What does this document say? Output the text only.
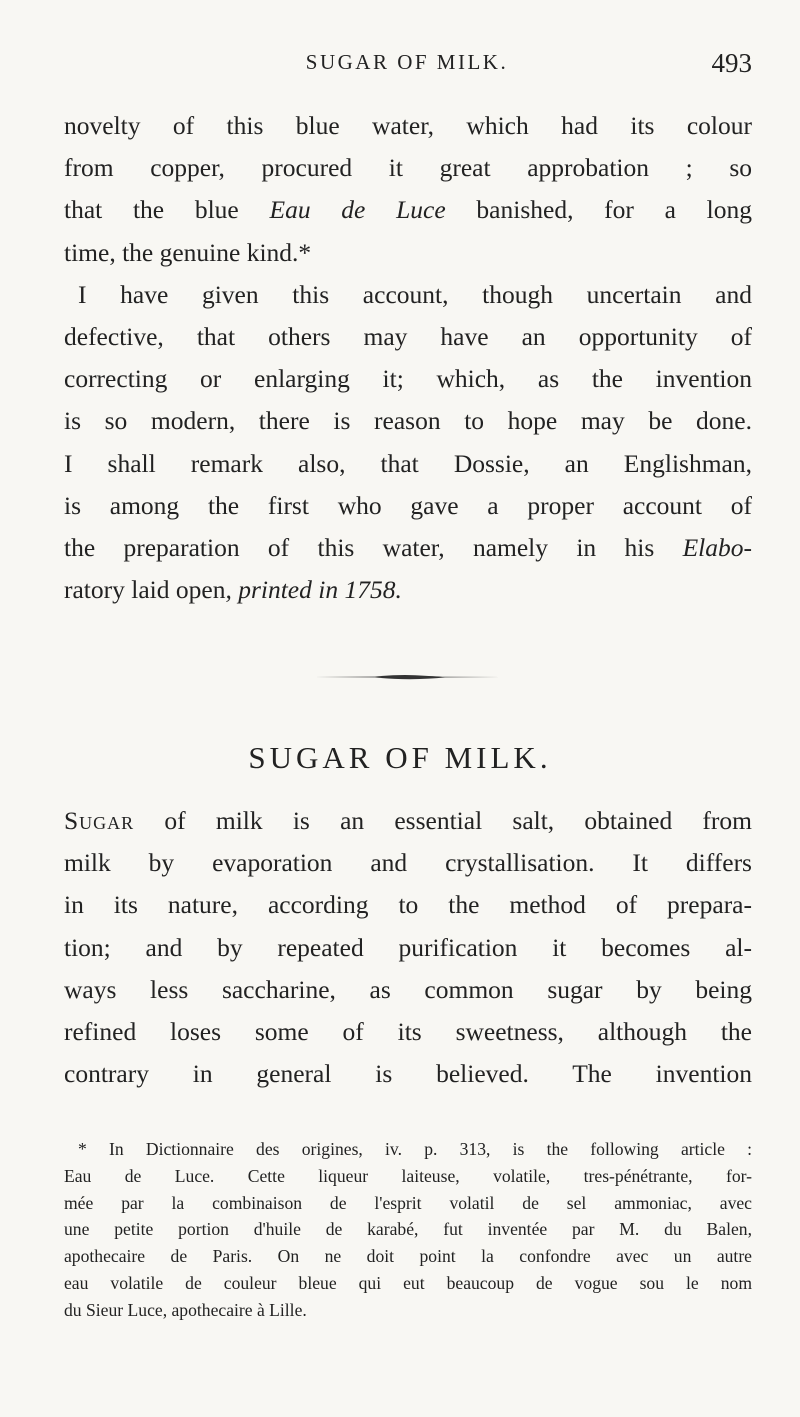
SUGAR OF MILK.	493
novelty of this blue water, which had its colour
from copper, procured it great approbation ; so
that the blue Eau de Luce banished, for a long
time, the genuine kind.*
I have given this account, though uncertain and
defective, that others may have an opportunity of
correcting or enlarging it; which, as the invention
is so modern, there is reason to hope may be done.
I shall remark also, that Dossie, an Englishman,
is among the first who gave a proper account of
the preparation of this water, namely in his Elabo-
ratory laid open, printed in 1758.
SUGAR OF MILK.
Sugar of milk is an essential salt, obtained from
milk by evaporation and crystallisation. It differs
in its nature, according to the method of prepara-
tion; and by repeated purification it becomes al-
ways less saccharine, as common sugar by being
refined loses some of its sweetness, although the
contrary in general is believed. The invention
* In Dictionnaire des origines, iv. p. 313, is the following article :
Eau de Luce. Cette liqueur laiteuse, volatile, tres-pénétrante, for-
mée par la combinaison de l'esprit volatil de sel ammoniac, avec
une petite portion d'huile de karabé, fut inventée par M. du Balen,
apothecaire de Paris. On ne doit point la confondre avec un autre
eau volatile de couleur bleue qui eut beaucoup de vogue sou le nom
du Sieur Luce, apothecaire à Lille.
